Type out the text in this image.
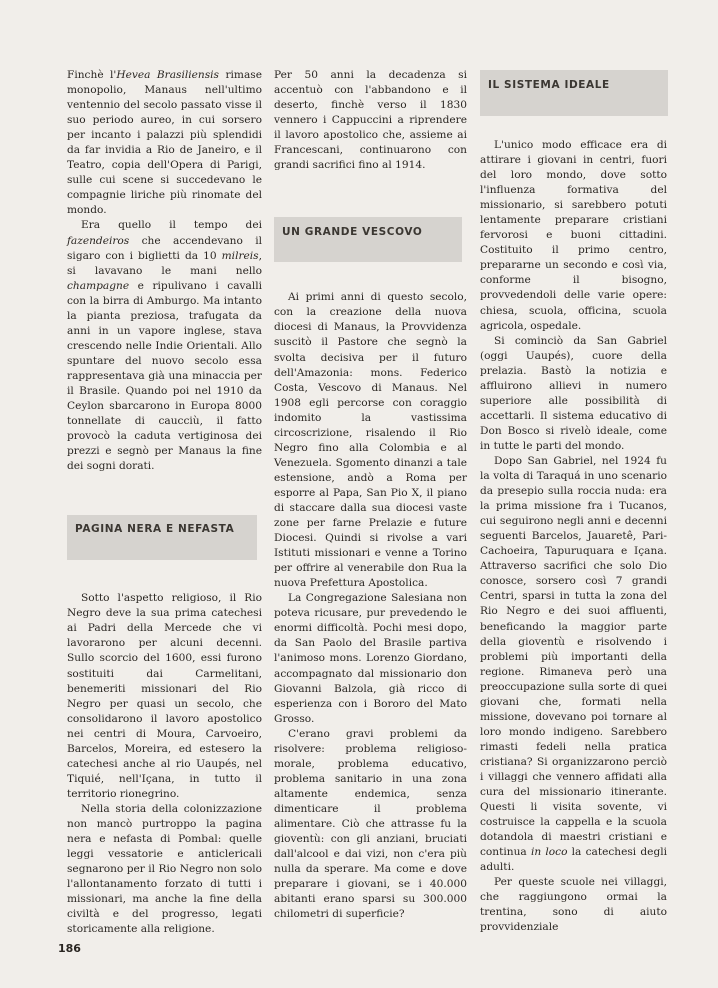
Finchè l'Hevea Brasiliensis rimase monopolio, Manaus nell'ultimo ventennio del secolo passato visse il suo periodo aureo, in cui sorsero per incanto i palazzi più splendidi da far invidia a Rio de Janeiro, e il Teatro, copia dell'Opera di Parigi, sulle cui scene si succedevano le compagnie liriche più rinomate del mondo.

Era quello il tempo dei fazendeiros che accendevano il sigaro con i biglietti da 10 milreis, si lavavano le mani nello champagne e ripulivano i cavalli con la birra di Amburgo. Ma intanto la pianta preziosa, trafugata da anni in un vapore inglese, stava crescendo nelle Indie Orientali. Allo spuntare del nuovo secolo essa rappresentava già una minaccia per il Brasile. Quando poi nel 1910 da Ceylon sbarcarono in Europa 8000 tonnellate di caucciù, il fatto provocò la caduta vertiginosa dei prezzi e segnò per Manaus la fine dei sogni dorati.

PAGINA NERA E NEFASTA

Sotto l'aspetto religioso, il Rio Negro deve la sua prima catechesi ai Padri della Mercede che vi lavorarono per alcuni decenni. Sullo scorcio del 1600, essi furono sostituiti dai Carmelitani, benemeriti missionari del Rio Negro per quasi un secolo, che consolidarono il lavoro apostolico nei centri di Moura, Carvoeiro, Barcelos, Moreira, ed estesero la catechesi anche al rio Uaupés, nel Tiquié, nell'Içana, in tutto il territorio rionegrino.

Nella storia della colonizzazione non mancò purtroppo la pagina nera e nefasta di Pombal: quelle leggi vessatorie e anticlericali segnarono per il Rio Negro non solo l'allontanamento forzato di tutti i missionari, ma anche la fine della civiltà e del progresso, legati storicamente alla religione.

Per 50 anni la decadenza si accentuò con l'abbandono e il deserto, finchè verso il 1830 vennero i Cappuccini a riprendere il lavoro apostolico che, assieme ai Francescani, continuarono con grandi sacrifici fino al 1914.

UN GRANDE VESCOVO

Ai primi anni di questo secolo, con la creazione della nuova diocesi di Manaus, la Provvidenza suscitò il Pastore che segnò la svolta decisiva per il futuro dell'Amazonia: mons. Federico Costa, Vescovo di Manaus. Nel 1908 egli percorse con coraggio indomito la vastissima circoscrizione, risalendo il Rio Negro fino alla Colombia e al Venezuela. Sgomento dinanzi a tale estensione, andò a Roma per esporre al Papa, San Pio X, il piano di staccare dalla sua diocesi vaste zone per farne Prelazie e future Diocesi. Quindi si rivolse a vari Istituti missionari e venne a Torino per offrire al venerabile don Rua la nuova Prefettura Apostolica.

La Congregazione Salesiana non poteva ricusare, pur prevedendo le enormi difficoltà. Pochi mesi dopo, da San Paolo del Brasile partiva l'animoso mons. Lorenzo Giordano, accompagnato dal missionario don Giovanni Balzola, già ricco di esperienza con i Bororo del Mato Grosso.

C'erano gravi problemi da risolvere: problema religioso-morale, problema educativo, problema sanitario in una zona altamente endemica, senza dimenticare il problema alimentare. Ciò che attrasse fu la gioventù: con gli anziani, bruciati dall'alcool e dai vizi, non c'era più nulla da sperare. Ma come e dove preparare i giovani, se i 40.000 abitanti erano sparsi su 300.000 chilometri di superficie?

IL SISTEMA IDEALE

L'unico modo efficace era di attirare i giovani in centri, fuori del loro mondo, dove sotto l'influenza formativa del missionario, si sarebbero potuti lentamente preparare cristiani fervorosi e buoni cittadini. Costituito il primo centro, prepararne un secondo e così via, conforme il bisogno, provvedendoli delle varie opere: chiesa, scuola, officina, scuola agricola, ospedale.

Si cominciò da San Gabriel (oggi Uaupés), cuore della prelazia. Bastò la notizia e affluirono allievi in numero superiore alle possibilità di accettarli. Il sistema educativo di Don Bosco si rivelò ideale, come in tutte le parti del mondo.

Dopo San Gabriel, nel 1924 fu la volta di Taraquá in uno scenario da presepio sulla roccia nuda: era la prima missione fra i Tucanos, cui seguirono negli anni e decenni seguenti Barcelos, Jauaretê, Pari-Cachoeira, Tapuruquara e Içana. Attraverso sacrifici che solo Dio conosce, sorsero così 7 grandi Centri, sparsi in tutta la zona del Rio Negro e dei suoi affluenti, beneficando la maggior parte della gioventù e risolvendo i problemi più importanti della regione. Rimaneva però una preoccupazione sulla sorte di quei giovani che, formati nella missione, dovevano poi tornare al loro mondo indigeno. Sarebbero rimasti fedeli nella pratica cristiana? Si organizzarono perciò i villaggi che vennero affidati alla cura del missionario itinerante. Questi li visita sovente, vi costruisce la cappella e la scuola dotandola di maestri cristiani e continua in loco la catechesi degli adulti.

Per queste scuole nei villaggi, che raggiungono ormai la trentina, sono di aiuto provvidenziale

186
